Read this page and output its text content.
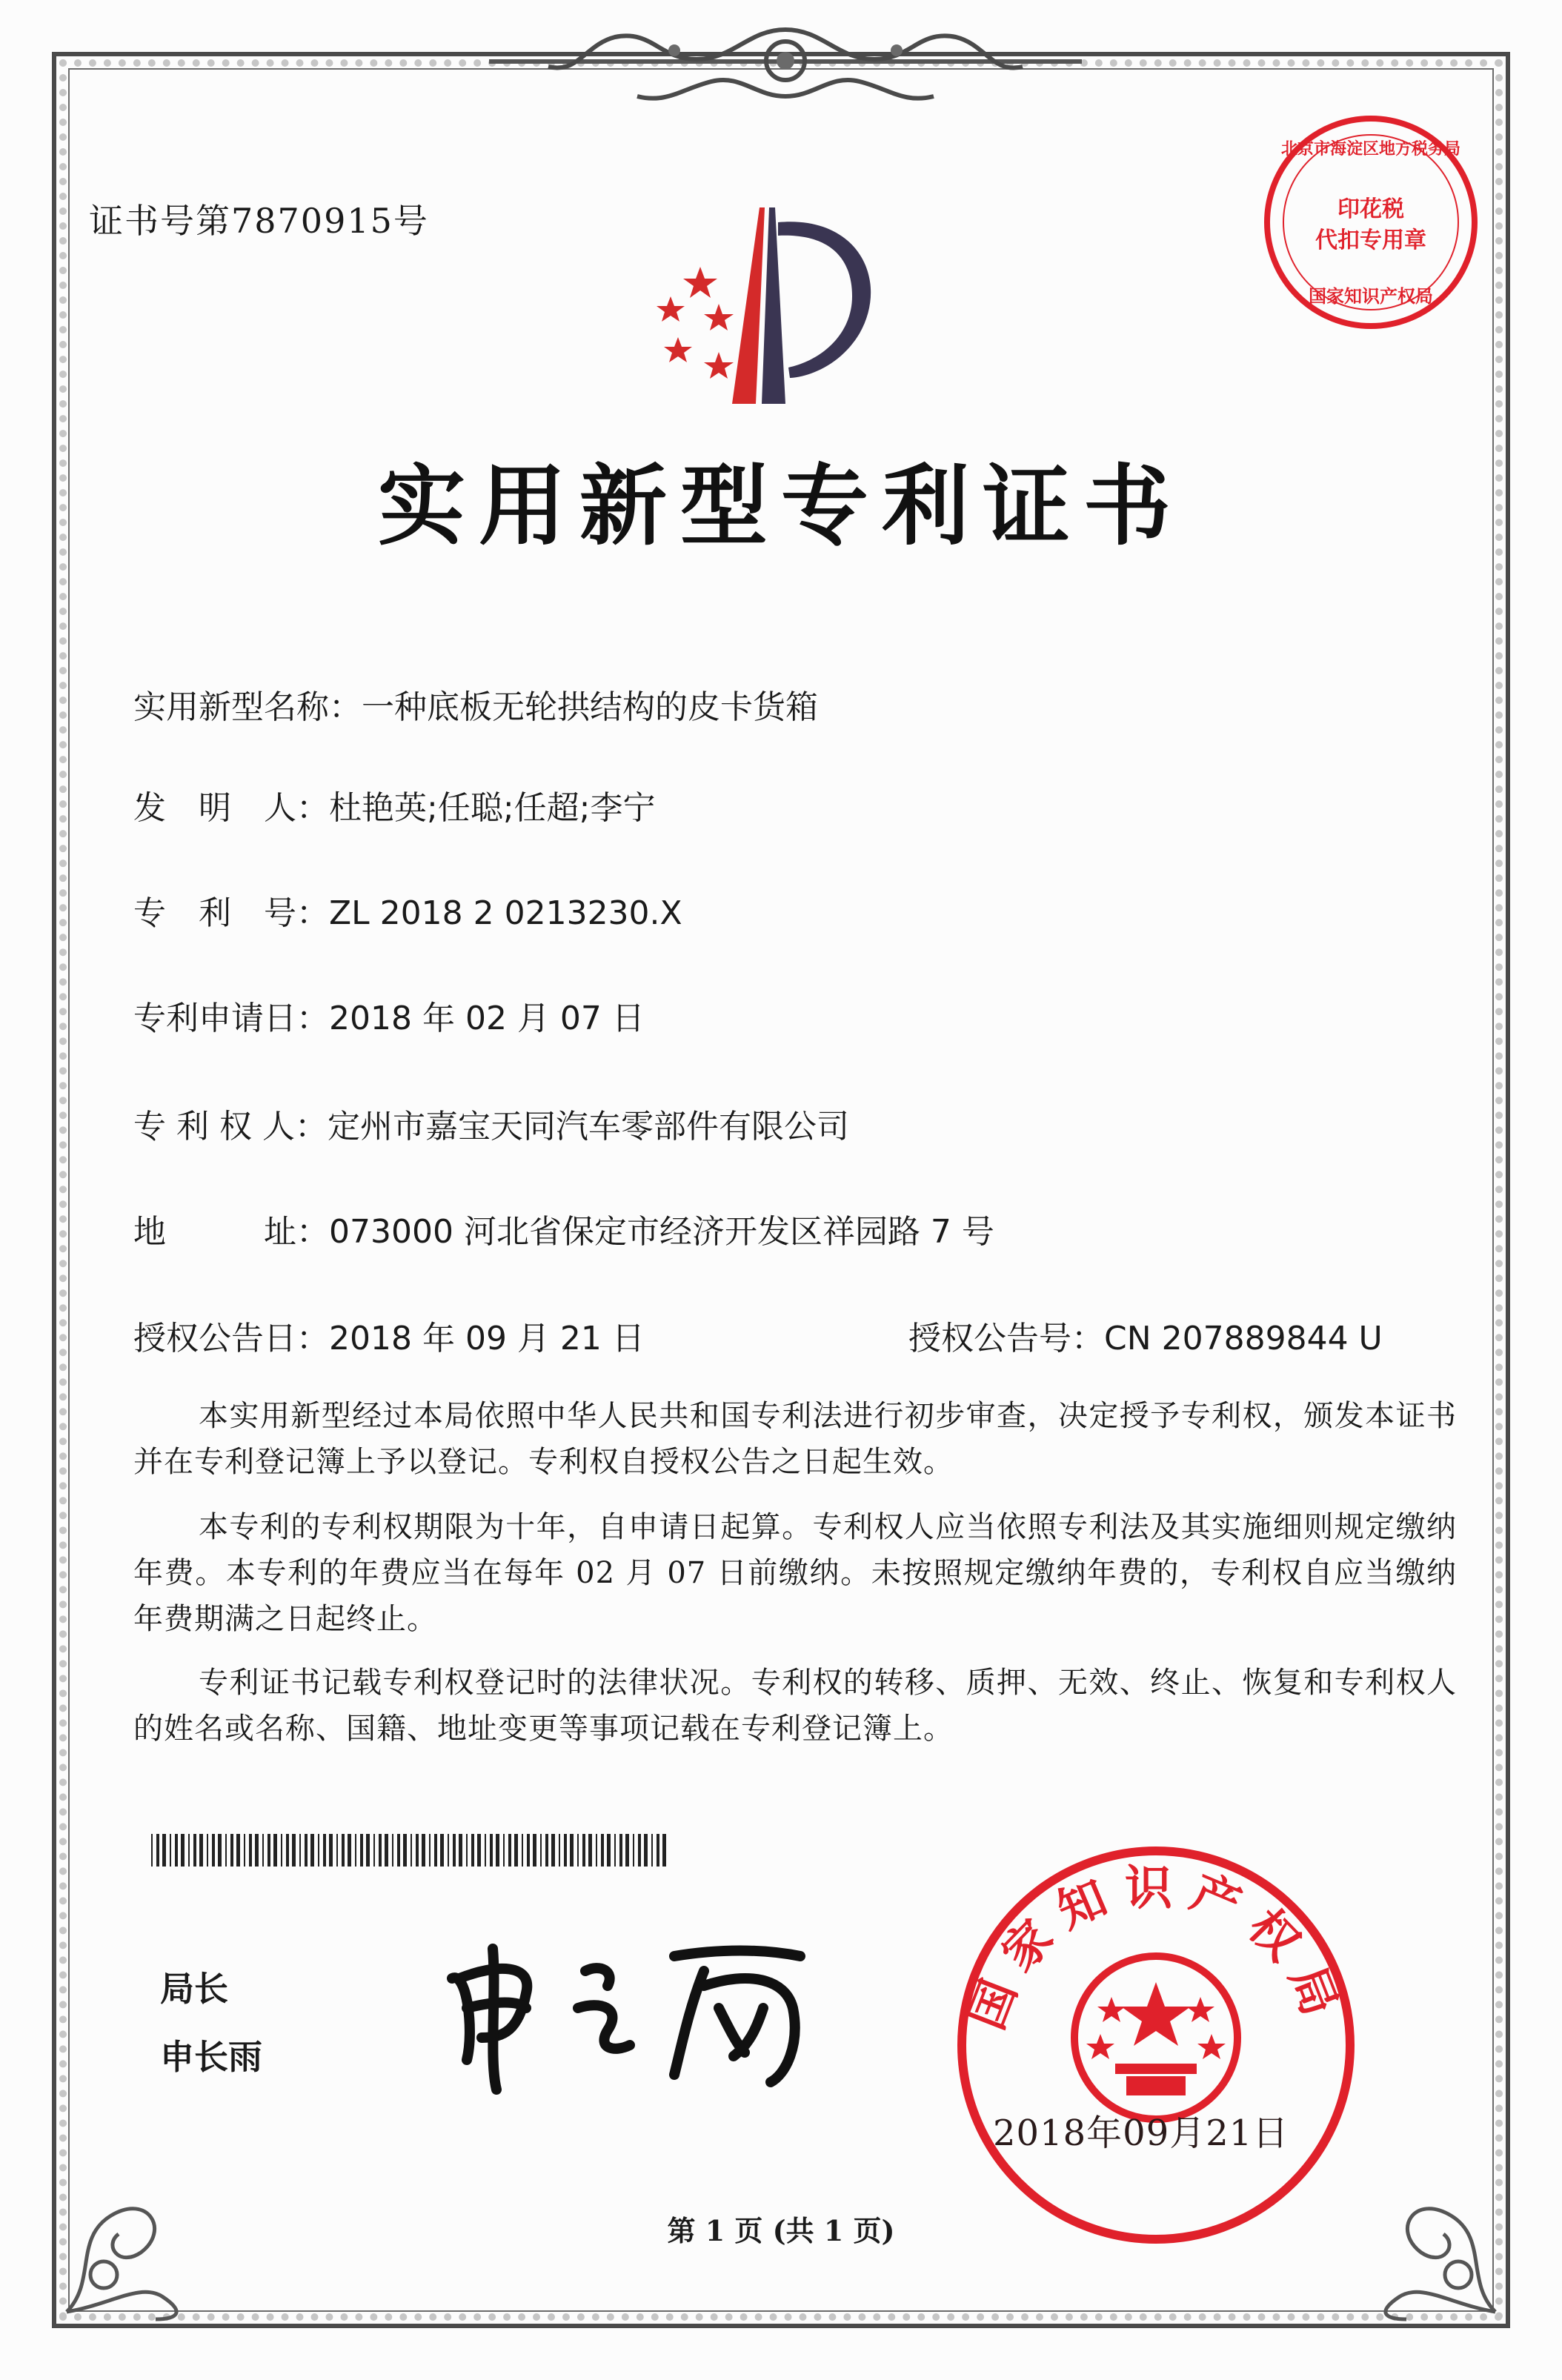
证书号第7870915号
北京市海淀区地方税务局
印花税
代扣专用章
国家知识产权局
实用新型专利证书
实用新型名称：一种底板无轮拱结构的皮卡货箱
发　明　人：杜艳英;任聪;任超;李宁
专　利　号：ZL 2018 2 0213230.X
专利申请日：2018 年 02 月 07 日
专 利 权 人：定州市嘉宝天同汽车零部件有限公司
地　　　址：073000 河北省保定市经济开发区祥园路 7 号
授权公告日：2018 年 09 月 21 日	授权公告号：CN 207889844 U
本实用新型经过本局依照中华人民共和国专利法进行初步审查，决定授予专利权，颁发本证书并在专利登记簿上予以登记。专利权自授权公告之日起生效。
本专利的专利权期限为十年，自申请日起算。专利权人应当依照专利法及其实施细则规定缴纳年费。本专利的年费应当在每年 02 月 07 日前缴纳。未按照规定缴纳年费的，专利权自应当缴纳年费期满之日起终止。
专利证书记载专利权登记时的法律状况。专利权的转移、质押、无效、终止、恢复和专利权人的姓名或名称、国籍、地址变更等事项记载在专利登记簿上。
局长
申长雨
国家知识产权局
2018年09月21日
第 1 页 (共 1 页)
